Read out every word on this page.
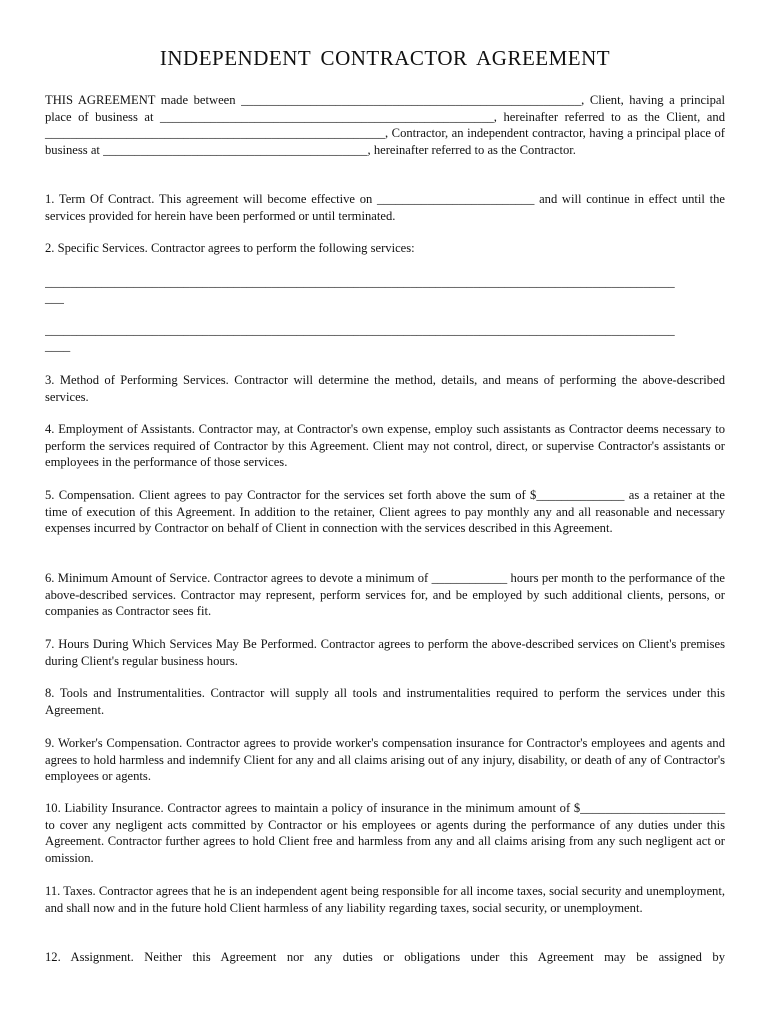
INDEPENDENT CONTRACTOR AGREEMENT
THIS AGREEMENT made between ______________________________________________________, Client, having a principal place of business at _____________________________________________________, hereinafter referred to as the Client, and ______________________________________________________, Contractor, an independent contractor, having a principal place of business at __________________________________________, hereinafter referred to as the Contractor.
1. Term Of Contract. This agreement will become effective on _________________________ and will continue in effect until the services provided for herein have been performed or until terminated.
2. Specific Services. Contractor agrees to perform the following services:
____________________________________________________________________________________________________
___
____________________________________________________________________________________________________
____
3. Method of Performing Services. Contractor will determine the method, details, and means of performing the above-described services.
4. Employment of Assistants. Contractor may, at Contractor's own expense, employ such assistants as Contractor deems necessary to perform the services required of Contractor by this Agreement. Client may not control, direct, or supervise Contractor's assistants or employees in the performance of those services.
5. Compensation. Client agrees to pay Contractor for the services set forth above the sum of $______________ as a retainer at the time of execution of this Agreement. In addition to the retainer, Client agrees to pay monthly any and all reasonable and necessary expenses incurred by Contractor on behalf of Client in connection with the services described in this Agreement.
6. Minimum Amount of Service. Contractor agrees to devote a minimum of ____________ hours per month to the performance of the above-described services. Contractor may represent, perform services for, and be employed by such additional clients, persons, or companies as Contractor sees fit.
7. Hours During Which Services May Be Performed. Contractor agrees to perform the above-described services on Client's premises during Client's regular business hours.
8. Tools and Instrumentalities. Contractor will supply all tools and instrumentalities required to perform the services under this Agreement.
9. Worker's Compensation. Contractor agrees to provide worker's compensation insurance for Contractor's employees and agents and agrees to hold harmless and indemnify Client for any and all claims arising out of any injury, disability, or death of any of Contractor's employees or agents.
10. Liability Insurance. Contractor agrees to maintain a policy of insurance in the minimum amount of $_______________________ to cover any negligent acts committed by Contractor or his employees or agents during the performance of any duties under this Agreement. Contractor further agrees to hold Client free and harmless from any and all claims arising from any such negligent act or omission.
11. Taxes. Contractor agrees that he is an independent agent being responsible for all income taxes, social security and unemployment, and shall now and in the future hold Client harmless of any liability regarding taxes, social security, or unemployment.
12. Assignment. Neither this Agreement nor any duties or obligations under this Agreement may be assigned by
